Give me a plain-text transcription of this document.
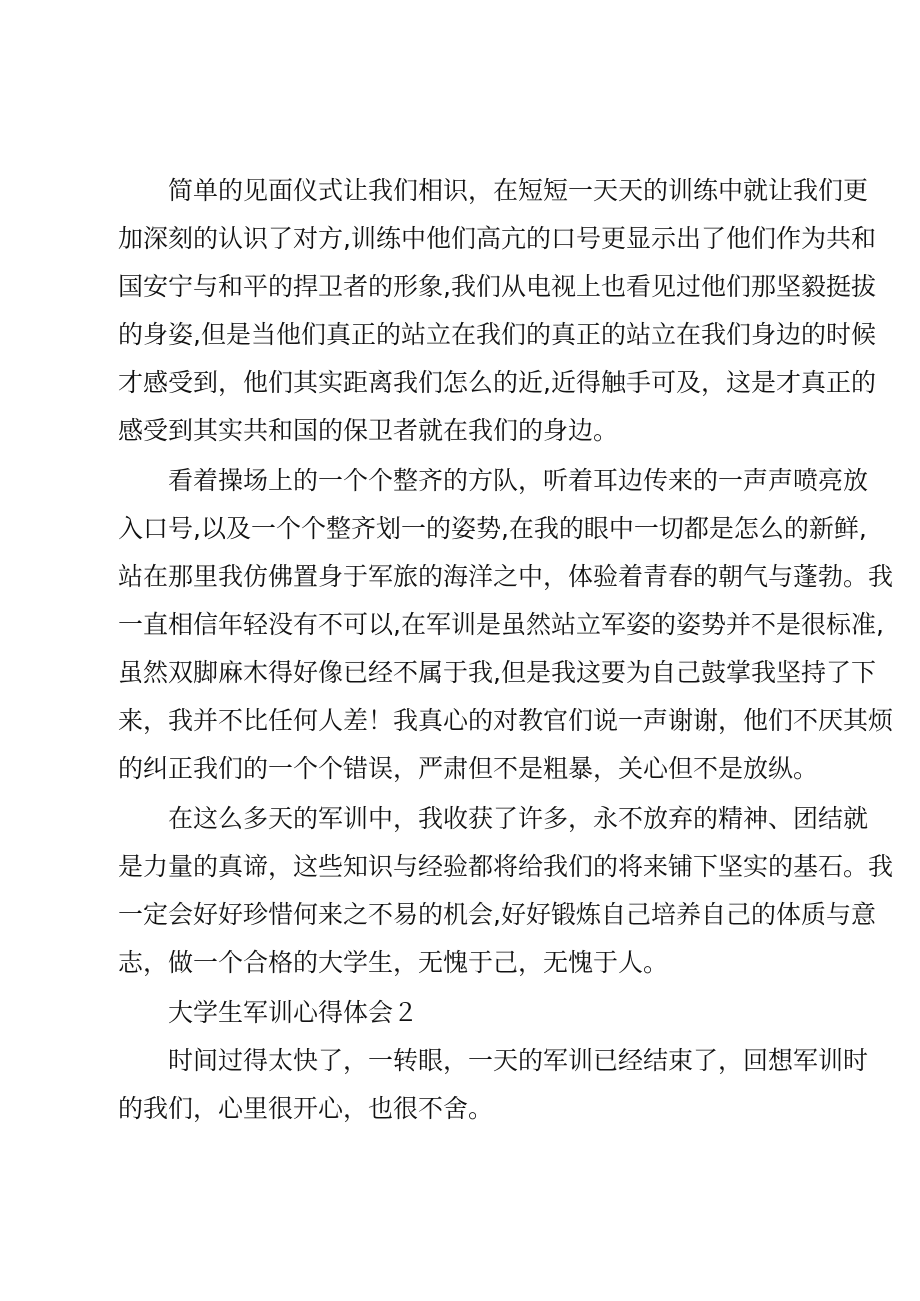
简单的见面仪式让我们相识，在短短一天天的训练中就让我们更
加深刻的认识了对方,训练中他们高亢的口号更显示出了他们作为共和
国安宁与和平的捍卫者的形象,我们从电视上也看见过他们那坚毅挺拔
的身姿,但是当他们真正的站立在我们的真正的站立在我们身边的时候
才感受到，他们其实距离我们怎么的近,近得触手可及，这是才真正的
感受到其实共和国的保卫者就在我们的身边。
看着操场上的一个个整齐的方队，听着耳边传来的一声声喷亮放
入口号,以及一个个整齐划一的姿势,在我的眼中一切都是怎么的新鲜,
站在那里我仿佛置身于军旅的海洋之中，体验着青春的朝气与蓬勃。我
一直相信年轻没有不可以,在军训是虽然站立军姿的姿势并不是很标准,
虽然双脚麻木得好像已经不属于我,但是我这要为自己鼓掌我坚持了下
来，我并不比任何人差！我真心的对教官们说一声谢谢，他们不厌其烦
的纠正我们的一个个错误，严肃但不是粗暴，关心但不是放纵。
在这么多天的军训中，我收获了许多，永不放弃的精神、团结就
是力量的真谛，这些知识与经验都将给我们的将来铺下坚实的基石。我
一定会好好珍惜何来之不易的机会,好好锻炼自己培养自己的体质与意
志，做一个合格的大学生，无愧于己，无愧于人。
大学生军训心得体会２
时间过得太快了，一转眼，一天的军训已经结束了，回想军训时
的我们，心里很开心，也很不舍。
